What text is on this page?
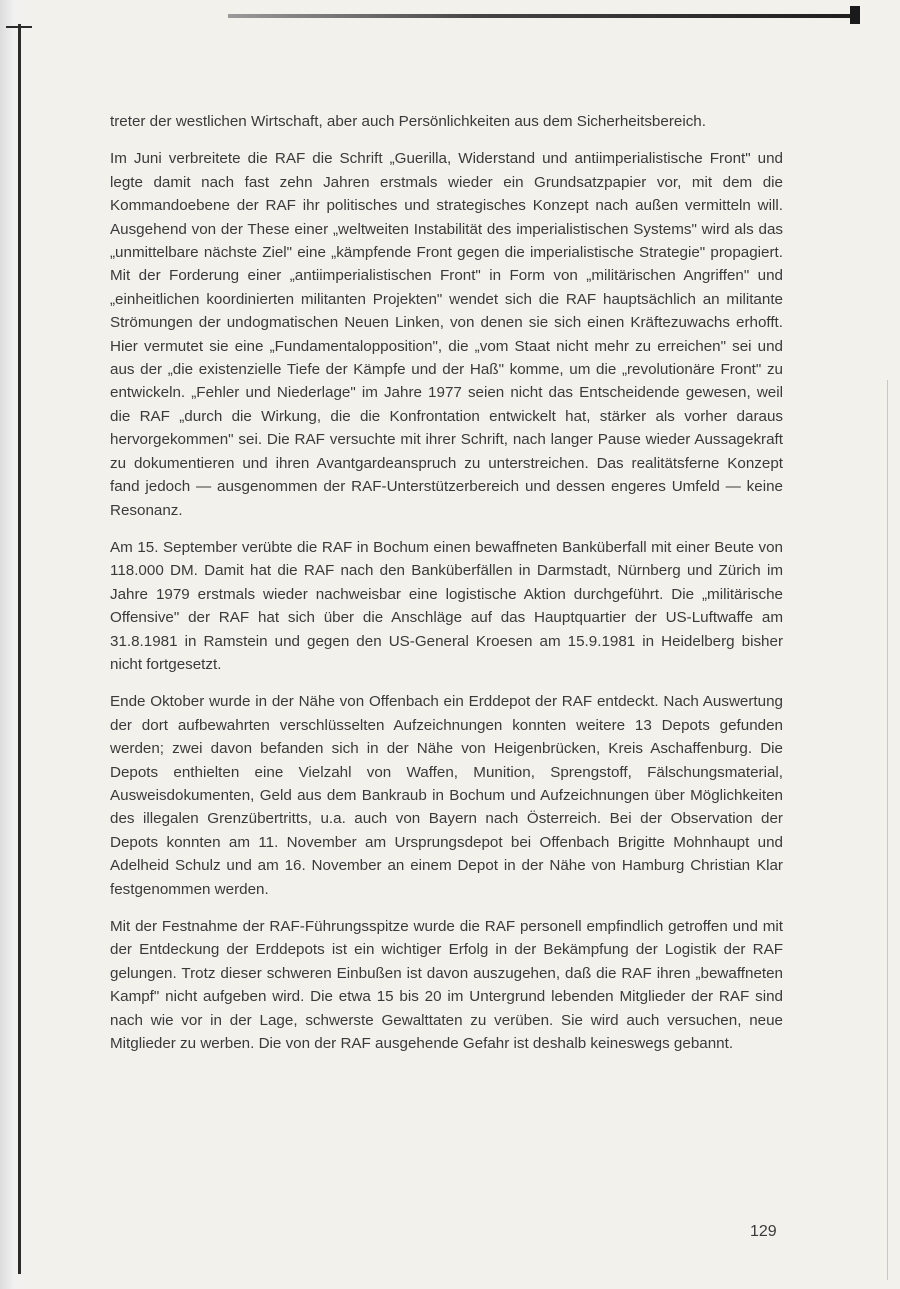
treter der westlichen Wirtschaft, aber auch Persönlichkeiten aus dem Sicherheitsbereich.

Im Juni verbreitete die RAF die Schrift „Guerilla, Widerstand und antiimperialistische Front" und legte damit nach fast zehn Jahren erstmals wieder ein Grundsatzpapier vor, mit dem die Kommandoebene der RAF ihr politisches und strategisches Konzept nach außen vermitteln will. Ausgehend von der These einer „weltweiten Instabilität des imperialistischen Systems" wird als das „unmittelbare nächste Ziel" eine „kämpfende Front gegen die imperialistische Strategie" propagiert. Mit der Forderung einer „antiimperialistischen Front" in Form von „militärischen Angriffen" und „einheitlichen koordinierten militanten Projekten" wendet sich die RAF hauptsächlich an militante Strömungen der undogmatischen Neuen Linken, von denen sie sich einen Kräftezuwachs erhofft. Hier vermutet sie eine „Fundamentalopposition", die „vom Staat nicht mehr zu erreichen" sei und aus der „die existenzielle Tiefe der Kämpfe und der Haß" komme, um die „revolutionäre Front" zu entwickeln. „Fehler und Niederlage" im Jahre 1977 seien nicht das Entscheidende gewesen, weil die RAF „durch die Wirkung, die die Konfrontation entwickelt hat, stärker als vorher daraus hervorgekommen" sei. Die RAF versuchte mit ihrer Schrift, nach langer Pause wieder Aussagekraft zu dokumentieren und ihren Avantgardeanspruch zu unterstreichen. Das realitätsferne Konzept fand jedoch — ausgenommen der RAF-Unterstützerbereich und dessen engeres Umfeld — keine Resonanz.

Am 15. September verübte die RAF in Bochum einen bewaffneten Banküberfall mit einer Beute von 118.000 DM. Damit hat die RAF nach den Banküberfällen in Darmstadt, Nürnberg und Zürich im Jahre 1979 erstmals wieder nachweisbar eine logistische Aktion durchgeführt. Die „militärische Offensive" der RAF hat sich über die Anschläge auf das Hauptquartier der US-Luftwaffe am 31.8.1981 in Ramstein und gegen den US-General Kroesen am 15.9.1981 in Heidelberg bisher nicht fortgesetzt.

Ende Oktober wurde in der Nähe von Offenbach ein Erddepot der RAF entdeckt. Nach Auswertung der dort aufbewahrten verschlüsselten Aufzeichnungen konnten weitere 13 Depots gefunden werden; zwei davon befanden sich in der Nähe von Heigenbrücken, Kreis Aschaffenburg. Die Depots enthielten eine Vielzahl von Waffen, Munition, Sprengstoff, Fälschungsmaterial, Ausweisdokumenten, Geld aus dem Bankraub in Bochum und Aufzeichnungen über Möglichkeiten des illegalen Grenzübertritts, u.a. auch von Bayern nach Österreich. Bei der Observation der Depots konnten am 11. November am Ursprungsdepot bei Offenbach Brigitte Mohnhaupt und Adelheid Schulz und am 16. November an einem Depot in der Nähe von Hamburg Christian Klar festgenommen werden.

Mit der Festnahme der RAF-Führungsspitze wurde die RAF personell empfindlich getroffen und mit der Entdeckung der Erddepots ist ein wichtiger Erfolg in der Bekämpfung der Logistik der RAF gelungen. Trotz dieser schweren Einbußen ist davon auszugehen, daß die RAF ihren „bewaffneten Kampf" nicht aufgeben wird. Die etwa 15 bis 20 im Untergrund lebenden Mitglieder der RAF sind nach wie vor in der Lage, schwerste Gewalttaten zu verüben. Sie wird auch versuchen, neue Mitglieder zu werben. Die von der RAF ausgehende Gefahr ist deshalb keineswegs gebannt.

129
